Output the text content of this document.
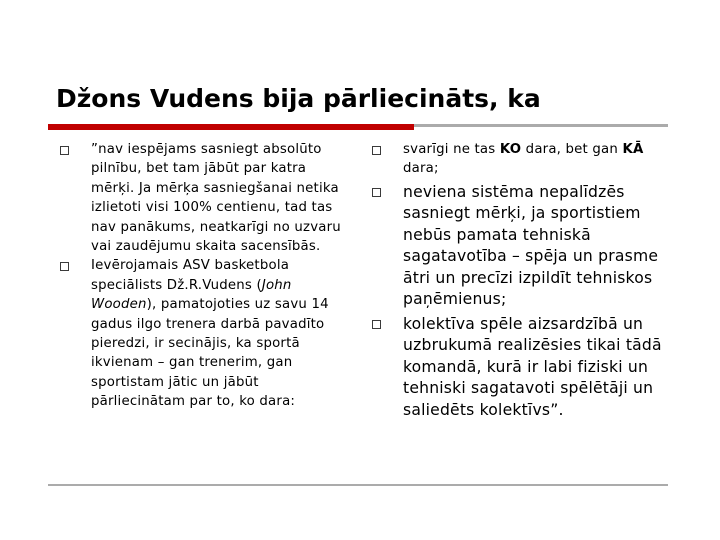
Džons Vudens bija pārliecināts, ka
”nav iespējams sasniegt absolūto pilnību, bet tam jābūt par katra mērķi. Ja mērķa sasniegšanai netika izlietoti visi 100% centienu, tad tas nav panākums, neatkarīgi no uzvaru vai zaudējumu skaita sacensībās.
Ievērojamais ASV basketbola speciālists Dž.R.Vudens (John Wooden), pamatojoties uz savu 14 gadus ilgo trenera darbā pavadīto pieredzi, ir secinājis, ka sportā ikvienam – gan trenerim, gan sportistam jātic un jābūt pārliecinātam par to, ko dara:
svarīgi ne tas KO dara, bet gan KĀ dara;
neviena sistēma nepalīdzēs sasniegt mērķi, ja sportistiem nebūs pamata tehniskā sagatavotība – spēja un prasme ātri un precīzi izpildīt tehniskos paņēmienus;
kolektīva spēle aizsardzībā un uzbrukumā realizēsies tikai tādā komandā, kurā ir labi fiziski un tehniski sagatavoti spēlētāji un saliedēts kolektīvs”.
